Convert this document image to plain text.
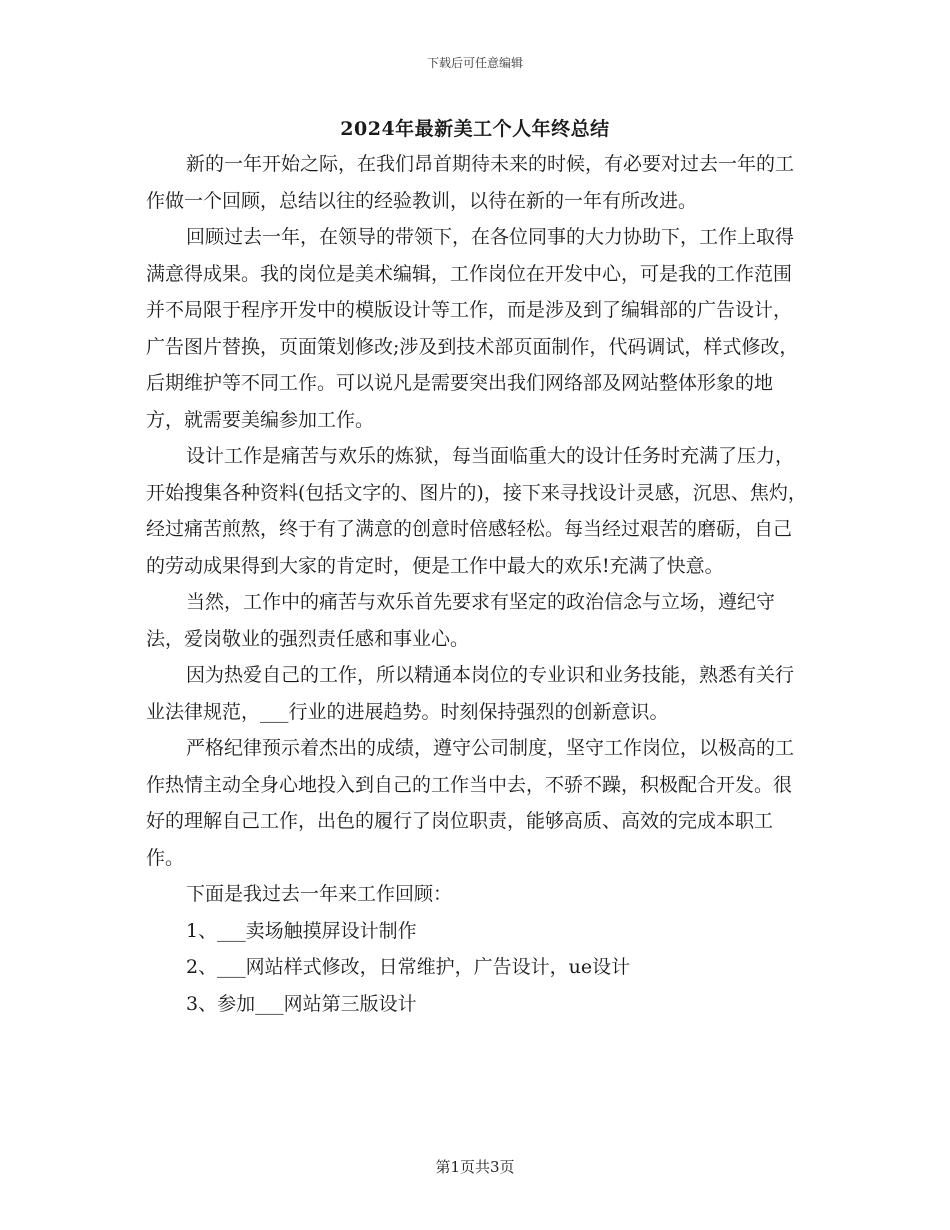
下载后可任意编辑
2024年最新美工个人年终总结

新的一年开始之际，在我们昂首期待未来的时候，有必要对过去一年的工作做一个回顾，总结以往的经验教训，以待在新的一年有所改进。

回顾过去一年，在领导的带领下，在各位同事的大力协助下，工作上取得满意得成果。我的岗位是美术编辑，工作岗位在开发中心，可是我的工作范围并不局限于程序开发中的模版设计等工作，而是涉及到了编辑部的广告设计，广告图片替换，页面策划修改;涉及到技术部页面制作，代码调试，样式修改，后期维护等不同工作。可以说凡是需要突出我们网络部及网站整体形象的地方，就需要美编参加工作。

设计工作是痛苦与欢乐的炼狱，每当面临重大的设计任务时充满了压力，开始搜集各种资料(包括文字的、图片的)，接下来寻找设计灵感，沉思、焦灼，经过痛苦煎熬，终于有了满意的创意时倍感轻松。每当经过艰苦的磨砺，自己的劳动成果得到大家的肯定时，便是工作中最大的欢乐!充满了快意。

当然，工作中的痛苦与欢乐首先要求有坚定的政治信念与立场，遵纪守法，爱岗敬业的强烈责任感和事业心。

因为热爱自己的工作，所以精通本岗位的专业识和业务技能，熟悉有关行业法律规范，___行业的进展趋势。时刻保持强烈的创新意识。

严格纪律预示着杰出的成绩，遵守公司制度，坚守工作岗位，以极高的工作热情主动全身心地投入到自己的工作当中去，不骄不躁，积极配合开发。很好的理解自己工作，出色的履行了岗位职责，能够高质、高效的完成本职工作。

下面是我过去一年来工作回顾：

1、___卖场触摸屏设计制作

2、___网站样式修改，日常维护，广告设计，ue设计

3、参加___网站第三版设计

第1页共3页
